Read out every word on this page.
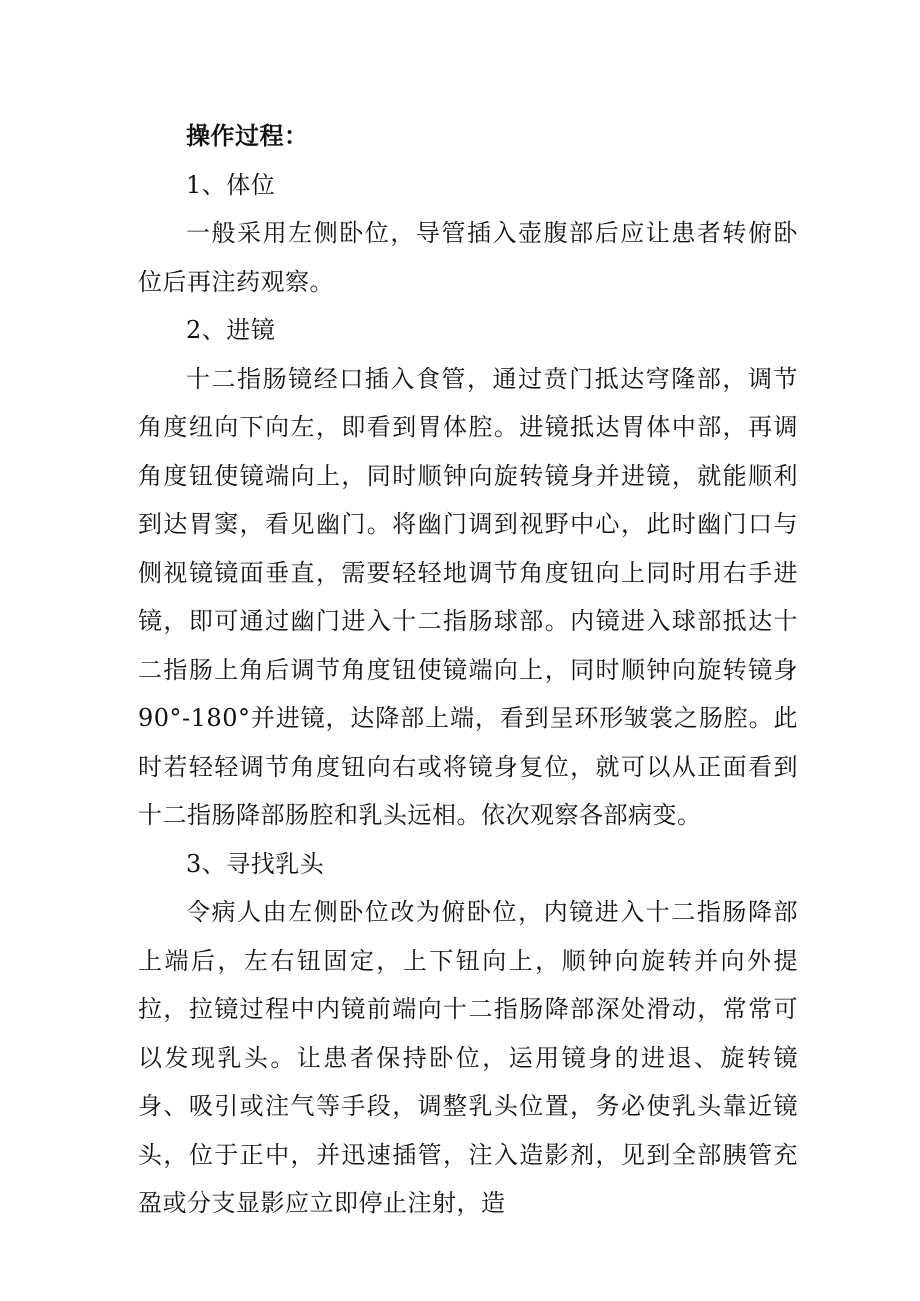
操作过程：

1、体位

一般采用左侧卧位，导管插入壶腹部后应让患者转俯卧位后再注药观察。

2、进镜

十二指肠镜经口插入食管，通过贲门抵达穹隆部，调节角度纽向下向左，即看到胃体腔。进镜抵达胃体中部，再调角度钮使镜端向上，同时顺钟向旋转镜身并进镜，就能顺利到达胃窦，看见幽门。将幽门调到视野中心，此时幽门口与侧视镜镜面垂直，需要轻轻地调节角度钮向上同时用右手进镜，即可通过幽门进入十二指肠球部。内镜进入球部抵达十二指肠上角后调节角度钮使镜端向上，同时顺钟向旋转镜身90°-180°并进镜，达降部上端，看到呈环形皱裳之肠腔。此时若轻轻调节角度钮向右或将镜身复位，就可以从正面看到十二指肠降部肠腔和乳头远相。依次观察各部病变。

3、寻找乳头

令病人由左侧卧位改为俯卧位，内镜进入十二指肠降部上端后，左右钮固定，上下钮向上，顺钟向旋转并向外提拉，拉镜过程中内镜前端向十二指肠降部深处滑动，常常可以发现乳头。让患者保持卧位，运用镜身的进退、旋转镜身、吸引或注气等手段，调整乳头位置，务必使乳头靠近镜头，位于正中，并迅速插管，注入造影剂，见到全部胰管充盈或分支显影应立即停止注射，造
